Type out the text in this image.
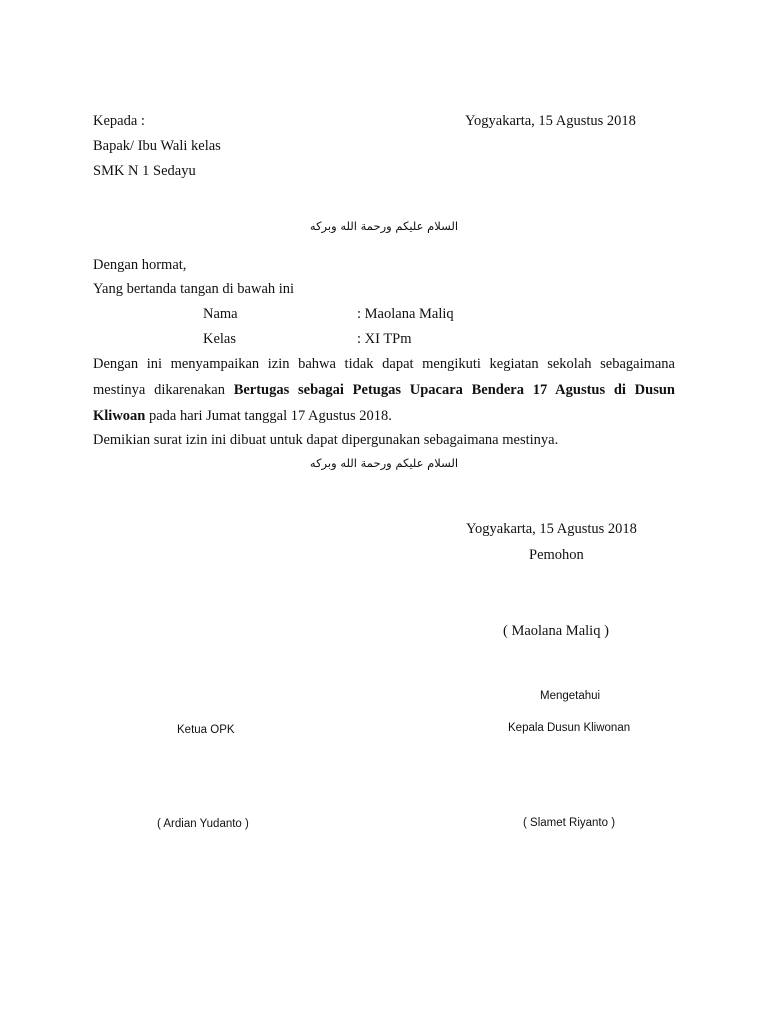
Kepada :	Yogyakarta, 15 Agustus 2018
Bapak/ Ibu Wali kelas
SMK N 1 Sedayu
السلام عليكم ورحمة الله وبركه
Dengan hormat,
Yang bertanda tangan di bawah ini
Nama	: Maolana Maliq
Kelas	: XI TPm
Dengan ini menyampaikan izin bahwa tidak dapat mengikuti kegiatan sekolah sebagaimana
mestinya dikarenakan Bertugas sebagai Petugas Upacara Bendera 17 Agustus di Dusun
Kliwoan pada hari Jumat tanggal 17 Agustus 2018.
Demikian surat izin ini dibuat untuk dapat dipergunakan sebagaimana mestinya.
السلام عليكم ورحمة الله وبركه
Yogyakarta, 15 Agustus 2018
Pemohon
( Maolana Maliq )
Mengetahui
Kepala Dusun Kliwonan
Ketua OPK
( Ardian Yudanto )	( Slamet Riyanto )
